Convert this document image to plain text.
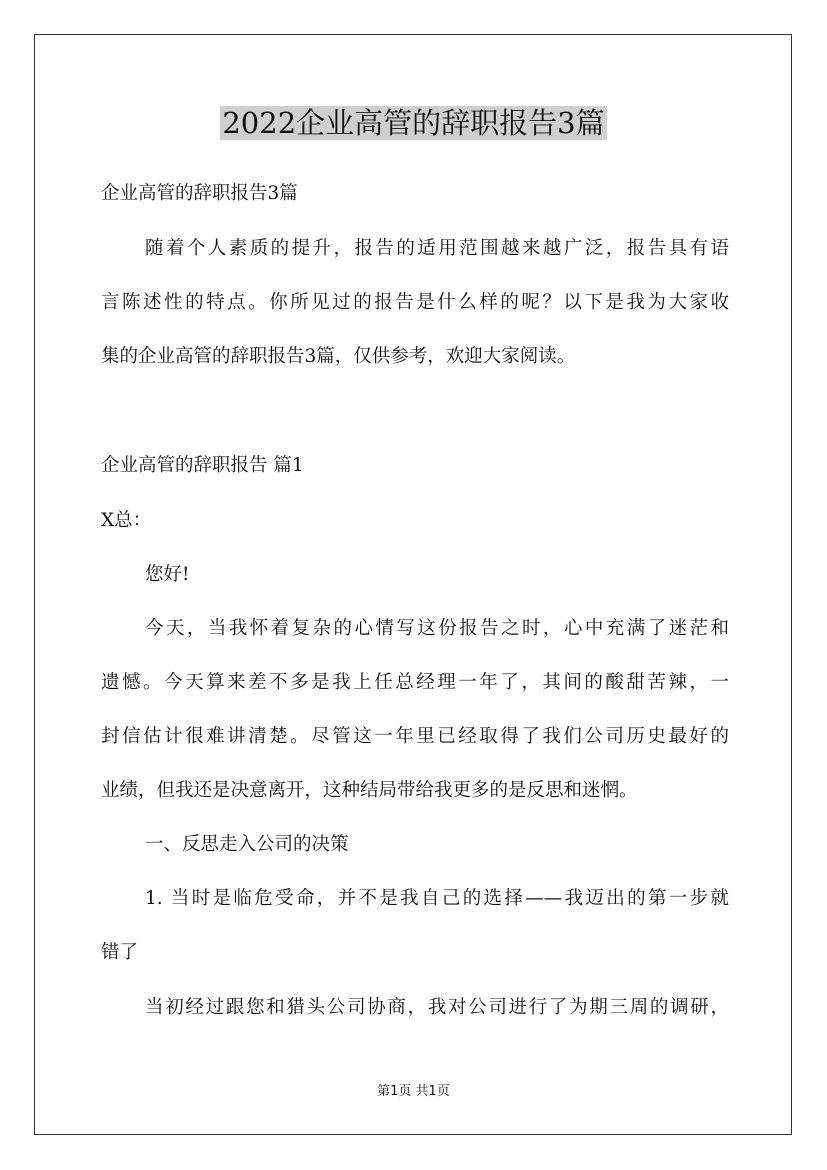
2022企业高管的辞职报告3篇

企业高管的辞职报告3篇

随着个人素质的提升，报告的适用范围越来越广泛，报告具有语

言陈述性的特点。你所见过的报告是什么样的呢？以下是我为大家收

集的企业高管的辞职报告3篇，仅供参考，欢迎大家阅读。

企业高管的辞职报告 篇1

X总：

您好!

今天，当我怀着复杂的心情写这份报告之时，心中充满了迷茫和

遗憾。今天算来差不多是我上任总经理一年了，其间的酸甜苦辣，一

封信估计很难讲清楚。尽管这一年里已经取得了我们公司历史最好的

业绩，但我还是决意离开，这种结局带给我更多的是反思和迷惘。

一、反思走入公司的决策

1. 当时是临危受命，并不是我自己的选择——我迈出的第一步就

错了

当初经过跟您和猎头公司协商，我对公司进行了为期三周的调研，

第1页 共1页
